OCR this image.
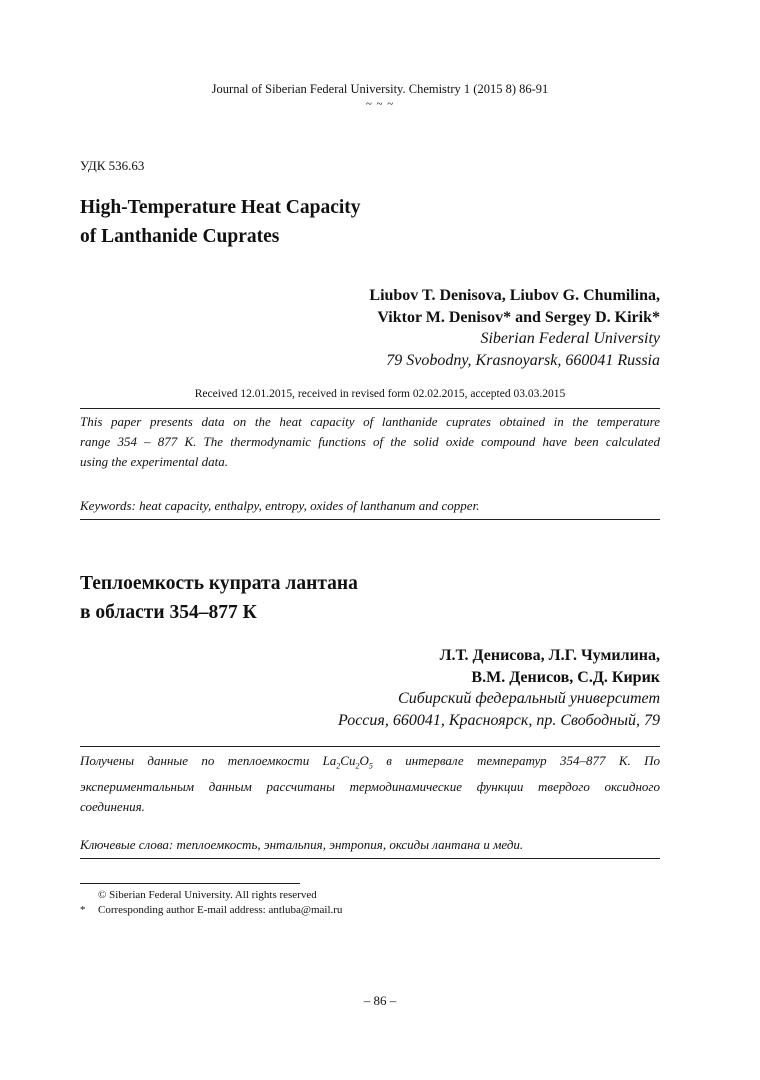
Journal of Siberian Federal University. Chemistry 1 (2015 8) 86-91
~ ~ ~
УДК 536.63
High-Temperature Heat Capacity
of Lanthanide Cuprates
Liubov T. Denisova, Liubov G. Chumilina,
Viktor M. Denisov* and Sergey D. Kirik*
Siberian Federal University
79 Svobodny, Krasnoyarsk, 660041 Russia
Received 12.01.2015, received in revised form 02.02.2015, accepted 03.03.2015
This paper presents data on the heat capacity of lanthanide cuprates obtained in the temperature
range 354 – 877 K. The thermodynamic functions of the solid oxide compound have been calculated
using the experimental data.
Keywords: heat capacity, enthalpy, entropy, oxides of lanthanum and copper.
Теплоемкость купрата лантана
в области 354–877 К
Л.Т. Денисова, Л.Г. Чумилина,
В.М. Денисов, С.Д. Кирик
Сибирский федеральный университет
Россия, 660041, Красноярск, пр. Свободный, 79
Получены данные по теплоемкости $La_2Cu_2O_5$ в интервале температур 354–877 К. По
экспериментальным данным рассчитаны термодинамические функции твердого оксидного
соединения.
Ключевые слова: теплоемкость, энтальпия, энтропия, оксиды лантана и меди.
© Siberian Federal University. All rights reserved
* Corresponding author E-mail address: antluba@mail.ru
– 86 –
